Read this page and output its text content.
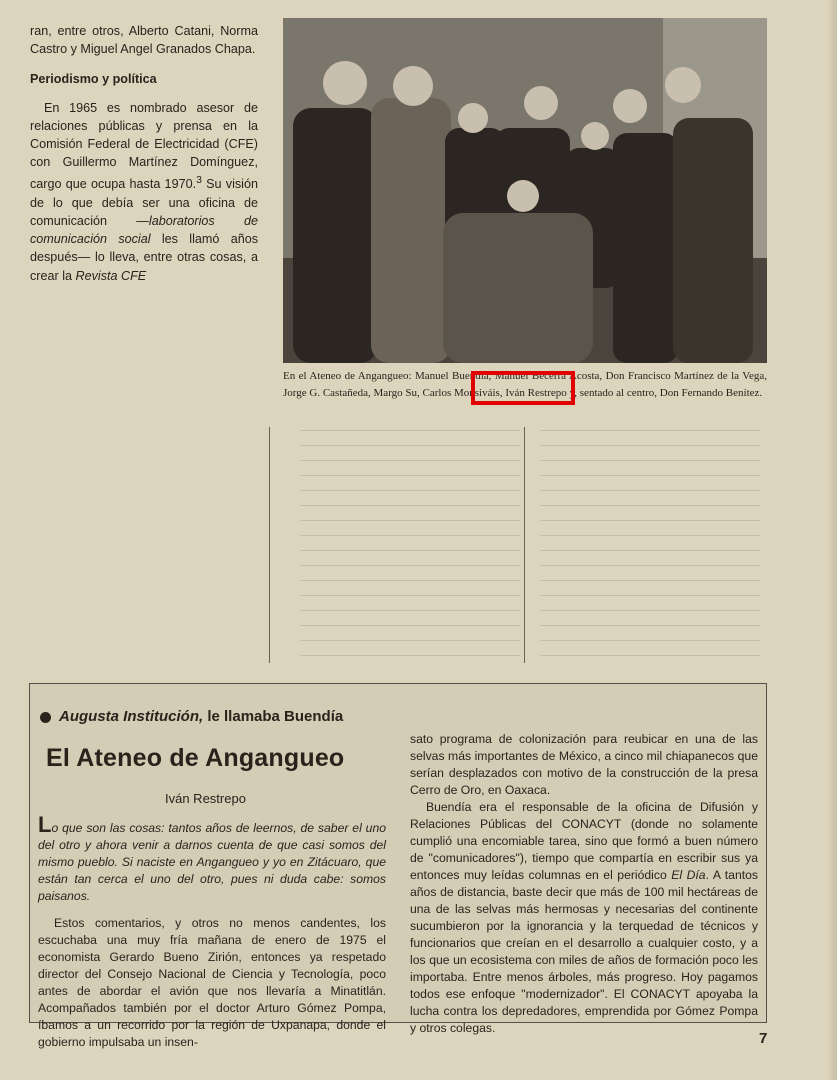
ran, entre otros, Alberto Catani, Norma Castro y Miguel Angel Granados Chapa.

Periodismo y política

En 1965 es nombrado asesor de relaciones públicas y prensa en la Comisión Federal de Electricidad (CFE) con Guillermo Martínez Domínguez, cargo que ocupa hasta 1970.$^3$ Su visión de lo que debía ser una oficina de comunicación —laboratorios de comunicación social les llamó años después— lo lleva, entre otras cosas, a crear la Revista CFE

En el Ateneo de Angangueo: Manuel Buendía, Manuel Becerra Acosta, Don Francisco Martínez de la Vega, Jorge G. Castañeda, Margo Su, Carlos Monsiváis, Iván Restrepo y, sentado al centro, Don Fernando Benítez.
Augusta Institución, le llamaba Buendía
El Ateneo de Angangueo
Iván Restrepo

Lo que son las cosas: tantos años de leernos, de saber el uno del otro y ahora venir a darnos cuenta de que casi somos del mismo pueblo. Si naciste en Angangueo y yo en Zitácuaro, que están tan cerca el uno del otro, pues ni duda cabe: somos paisanos.

Estos comentarios, y otros no menos candentes, los escuchaba una muy fría mañana de enero de 1975 el economista Gerardo Bueno Zirión, entonces ya respetado director del Consejo Nacional de Ciencia y Tecnología, poco antes de abordar el avión que nos llevaría a Minatitlán. Acompañados también por el doctor Arturo Gómez Pompa, íbamos a un recorrido por la región de Uxpanapa, donde el gobierno impulsaba un insen-

sato programa de colonización para reubicar en una de las selvas más importantes de México, a cinco mil chiapanecos que serían desplazados con motivo de la construcción de la presa Cerro de Oro, en Oaxaca.

Buendía era el responsable de la oficina de Difusión y Relaciones Públicas del CONACYT (donde no solamente cumplió una encomiable tarea, sino que formó a buen número de "comunicadores"), tiempo que compartía en escribir sus ya entonces muy leídas columnas en el periódico El Día. A tantos años de distancia, baste decir que más de 100 mil hectáreas de una de las selvas más hermosas y necesarias del continente sucumbieron por la ignorancia y la terquedad de técnicos y funcionarios que creían en el desarrollo a cualquier costo, y a los que un ecosistema con miles de años de formación poco les importaba. Entre menos árboles, más progreso. Hoy pagamos todos ese enfoque "modernizador". El CONACYT apoyaba la lucha contra los depredadores, emprendida por Gómez Pompa y otros colegas.

7
